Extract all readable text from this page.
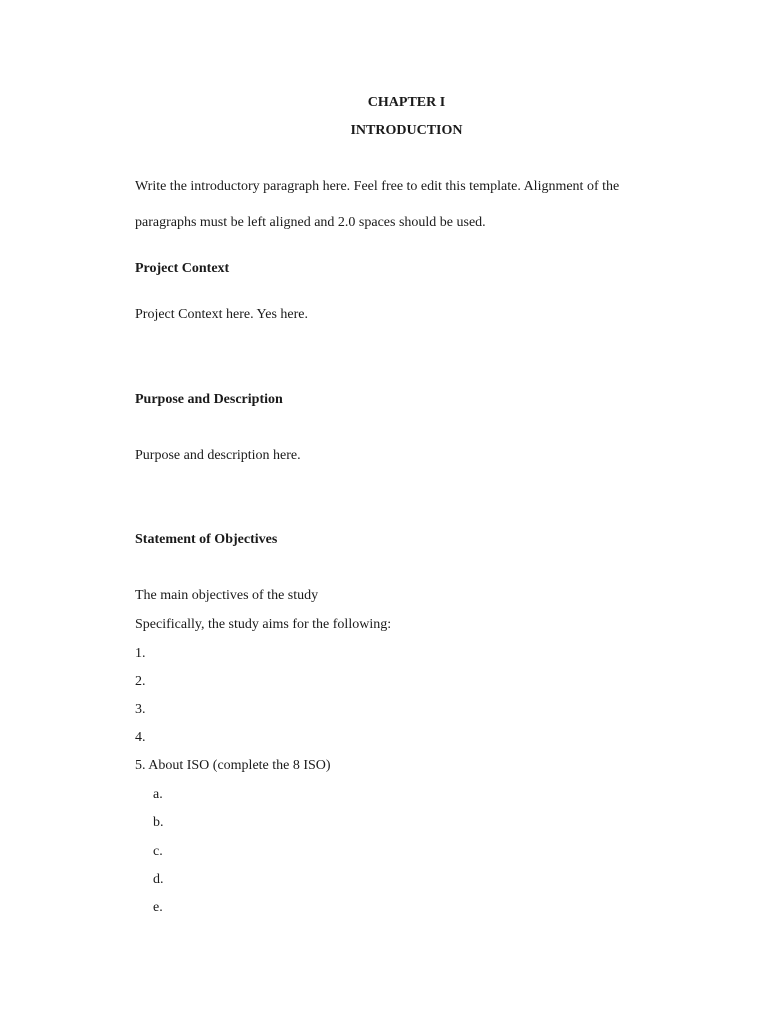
CHAPTER I
INTRODUCTION
Write the introductory paragraph here. Feel free to edit this template. Alignment of the
paragraphs must be left aligned and 2.0 spaces should be used.
Project Context
Project Context here. Yes here.
Purpose and Description
Purpose and description here.
Statement of Objectives
The main objectives of the study
Specifically, the study aims for the following:
1.
2.
3.
4.
5. About ISO (complete the 8 ISO)
a.
b.
c.
d.
e.
